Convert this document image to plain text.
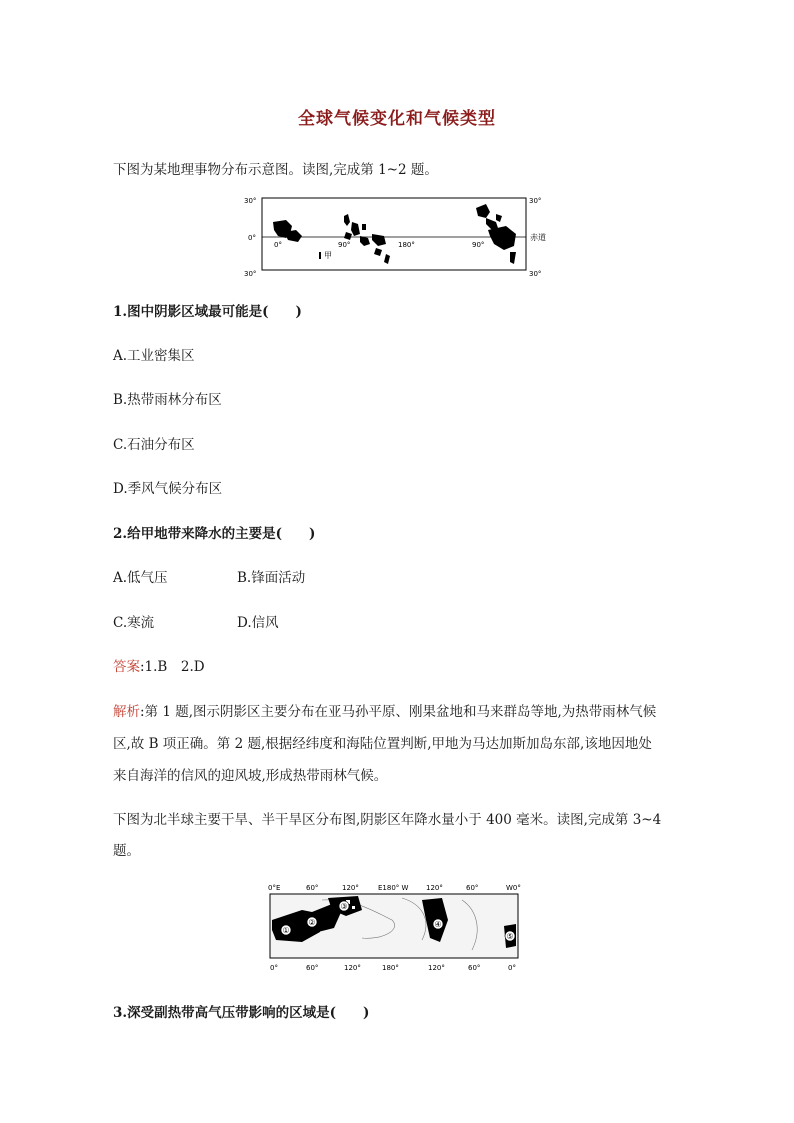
全球气候变化和气候类型
下图为某地理事物分布示意图。读图,完成第 1~2 题。
30°
0°
30°
30°
30°
0°	90°	180°	90°
赤道
甲
1.图中阴影区域最可能是(　　)
A.工业密集区
B.热带雨林分布区
C.石油分布区
D.季风气候分布区
2.给甲地带来降水的主要是(　　)
A.低气压	B.锋面活动
C.寒流	D.信风
答案:1.B　2.D
解析:第 1 题,图示阴影区主要分布在亚马孙平原、刚果盆地和马来群岛等地,为热带雨林气候
区,故 B 项正确。第 2 题,根据经纬度和海陆位置判断,甲地为马达加斯加岛东部,该地因地处
来自海洋的信风的迎风坡,形成热带雨林气候。
下图为北半球主要干旱、半干旱区分布图,阴影区年降水量小于 400 毫米。读图,完成第 3~4
题。
0°E	60°	120°	E180° W	120°	60°	W0°
①
②
③
④
⑤
0°	60°	120°	180°	120°	60°	0°
3.深受副热带高气压带影响的区域是(　　)
